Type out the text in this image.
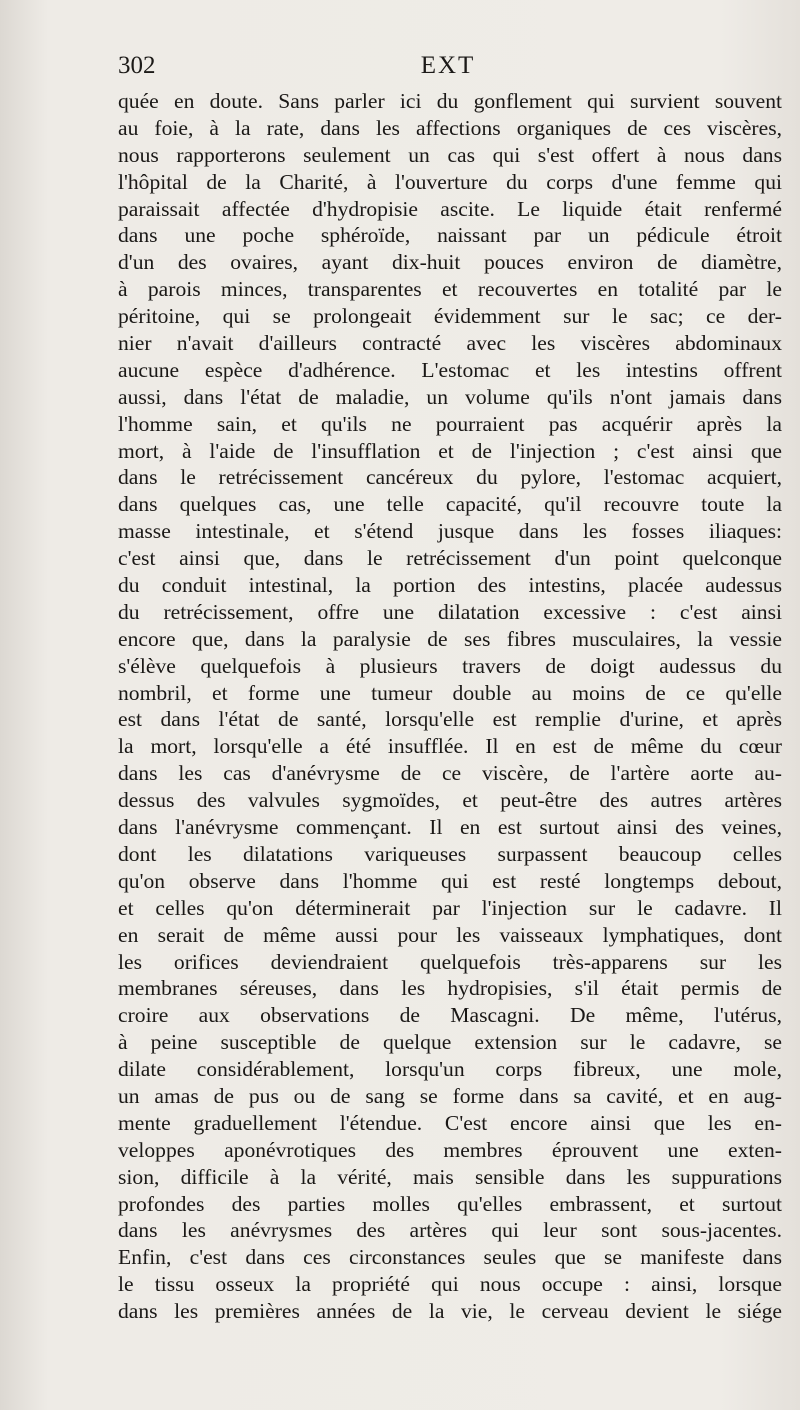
302	EXT
quée en doute. Sans parler ici du gonflement qui survient souvent
au foie, à la rate, dans les affections organiques de ces viscères,
nous rapporterons seulement un cas qui s'est offert à nous dans
l'hôpital de la Charité, à l'ouverture du corps d'une femme qui
paraissait affectée d'hydropisie ascite. Le liquide était renfermé
dans une poche sphéroïde, naissant par un pédicule étroit
d'un des ovaires, ayant dix-huit pouces environ de diamètre,
à parois minces, transparentes et recouvertes en totalité par le
péritoine, qui se prolongeait évidemment sur le sac; ce der-
nier n'avait d'ailleurs contracté avec les viscères abdominaux
aucune espèce d'adhérence. L'estomac et les intestins offrent
aussi, dans l'état de maladie, un volume qu'ils n'ont jamais dans
l'homme sain, et qu'ils ne pourraient pas acquérir après la
mort, à l'aide de l'insufflation et de l'injection ; c'est ainsi que
dans le retrécissement cancéreux du pylore, l'estomac acquiert,
dans quelques cas, une telle capacité, qu'il recouvre toute la
masse intestinale, et s'étend jusque dans les fosses iliaques:
c'est ainsi que, dans le retrécissement d'un point quelconque
du conduit intestinal, la portion des intestins, placée audessus
du retrécissement, offre une dilatation excessive : c'est ainsi
encore que, dans la paralysie de ses fibres musculaires, la vessie
s'élève quelquefois à plusieurs travers de doigt audessus du
nombril, et forme une tumeur double au moins de ce qu'elle
est dans l'état de santé, lorsqu'elle est remplie d'urine, et après
la mort, lorsqu'elle a été insufflée. Il en est de même du cœur
dans les cas d'anévrysme de ce viscère, de l'artère aorte au-
dessus des valvules sygmoïdes, et peut-être des autres artères
dans l'anévrysme commençant. Il en est surtout ainsi des veines,
dont les dilatations variqueuses surpassent beaucoup celles
qu'on observe dans l'homme qui est resté longtemps debout,
et celles qu'on déterminerait par l'injection sur le cadavre. Il
en serait de même aussi pour les vaisseaux lymphatiques, dont
les orifices deviendraient quelquefois très-apparens sur les
membranes séreuses, dans les hydropisies, s'il était permis de
croire aux observations de Mascagni. De même, l'utérus,
à peine susceptible de quelque extension sur le cadavre, se
dilate considérablement, lorsqu'un corps fibreux, une mole,
un amas de pus ou de sang se forme dans sa cavité, et en aug-
mente graduellement l'étendue. C'est encore ainsi que les en-
veloppes aponévrotiques des membres éprouvent une exten-
sion, difficile à la vérité, mais sensible dans les suppurations
profondes des parties molles qu'elles embrassent, et surtout
dans les anévrysmes des artères qui leur sont sous-jacentes.
Enfin, c'est dans ces circonstances seules que se manifeste dans
le tissu osseux la propriété qui nous occupe : ainsi, lorsque
dans les premières années de la vie, le cerveau devient le siége
